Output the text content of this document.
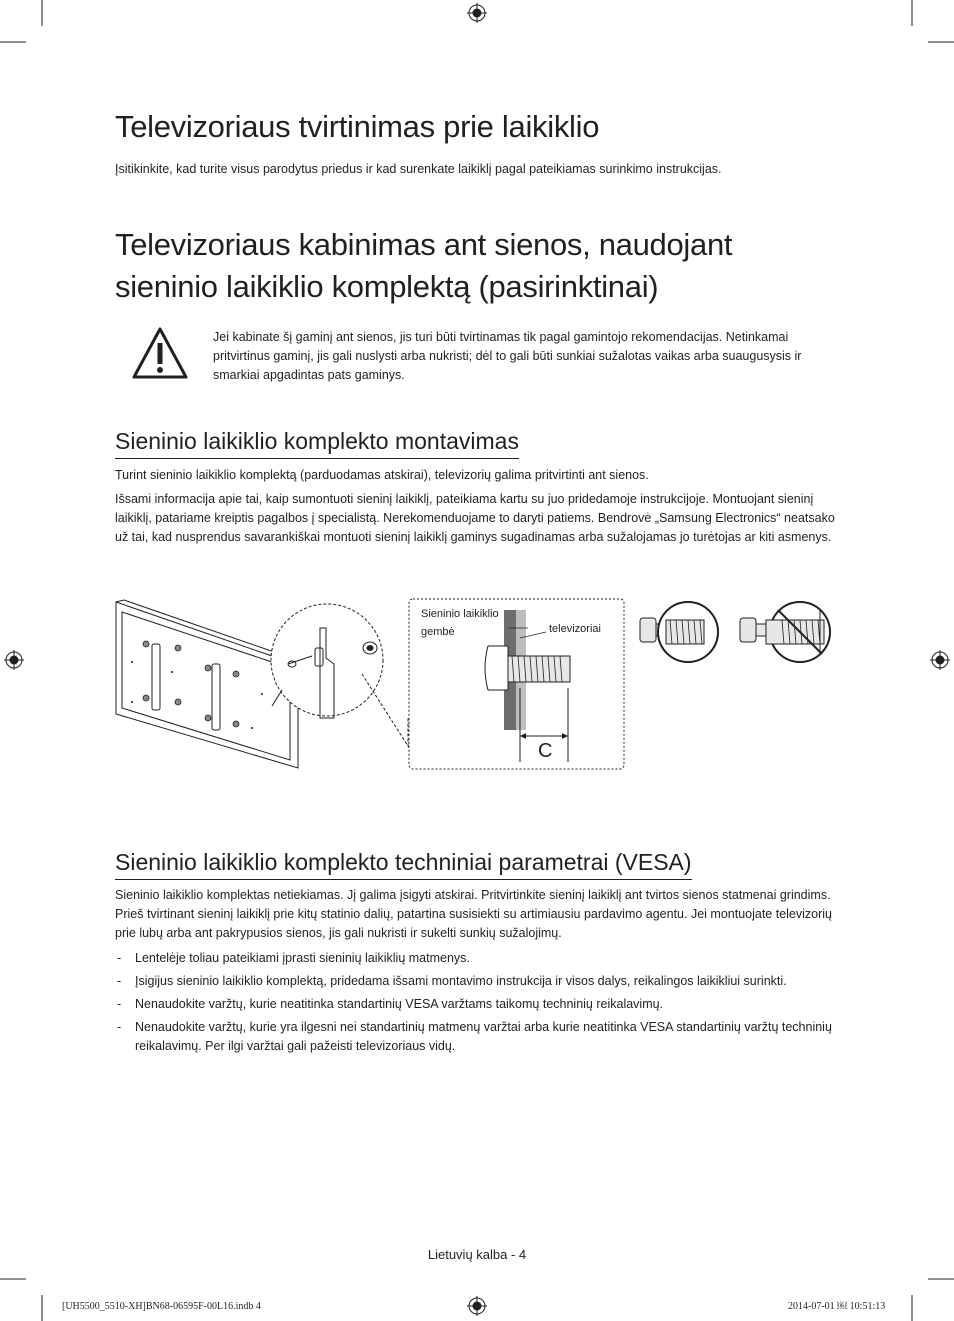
Televizoriaus tvirtinimas prie laikiklio

Įsitikinkite, kad turite visus parodytus priedus ir kad surenkate laikiklį pagal pateikiamas surinkimo instrukcijas.

Televizoriaus kabinimas ant sienos, naudojant
sieninio laikiklio komplektą (pasirinktinai)

Jei kabinate šį gaminį ant sienos, jis turi būti tvirtinamas tik pagal gamintojo rekomendacijas. Netinkamai pritvirtinus gaminį, jis gali nuslysti arba nukristi; dėl to gali būti sunkiai sužalotas vaikas arba suaugusysis ir smarkiai apgadintas pats gaminys.

Sieninio laikiklio komplekto montavimas

Turint sieninio laikiklio komplektą (parduodamas atskirai), televizorių galima pritvirtinti ant sienos.

Išsami informacija apie tai, kaip sumontuoti sieninį laikiklį, pateikiama kartu su juo pridedamoje instrukcijoje. Montuojant sieninį laikiklį, patariame kreiptis pagalbos į specialistą. Nerekomenduojame to daryti patiems. Bendrovė „Samsung Electronics“ neatsako už tai, kad nusprendus savarankiškai montuoti sieninį laikiklį gaminys sugadinamas arba sužalojamas jo turėtojas ar kiti asmenys.

Sieninio laikiklio
gembė	televizoriai
C
Sieninio laikiklio komplekto techniniai parametrai (VESA)

Sieninio laikiklio komplektas netiekiamas. Jį galima įsigyti atskirai. Pritvirtinkite sieninį laikiklį ant tvirtos sienos statmenai grindims. Prieš tvirtinant sieninį laikiklį prie kitų statinio dalių, patartina susisiekti su artimiausiu pardavimo agentu. Jei montuojate televizorių prie lubų arba ant pakrypusios sienos, jis gali nukristi ir sukelti sunkių sužalojimų.

- Lentelėje toliau pateikiami įprasti sieninių laikiklių matmenys.
- Įsigijus sieninio laikiklio komplektą, pridedama išsami montavimo instrukcija ir visos dalys, reikalingos laikikliui surinkti.
- Nenaudokite varžtų, kurie neatitinka standartinių VESA varžtams taikomų techninių reikalavimų.
- Nenaudokite varžtų, kurie yra ilgesni nei standartinių matmenų varžtai arba kurie neatitinka VESA standartinių varžtų techninių reikalavimų. Per ilgi varžtai gali pažeisti televizoriaus vidų.
Lietuvių kalba - 4
[UH5500_5510-XH]BN68-06595F-00L16.indb 4	2014-07-01 ￼ 10:51:13
